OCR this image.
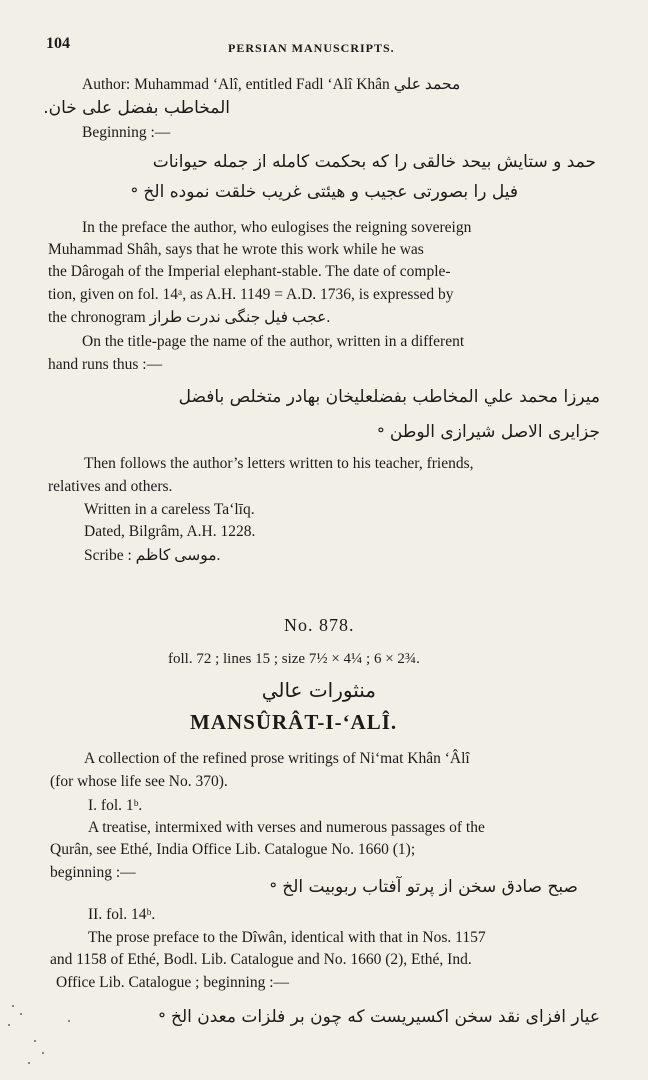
104	PERSIAN MANUSCRIPTS.
Author: Muhammad ‘Alî, entitled Fadl ‘Alî Khân محمد علي
المخاطب بفضل على خان.
Beginning :—
حمد و ستایش بیحد خالقی را که بحکمت کامله از جمله حیوانات
فیل را بصورتی عجیب و هیئتی غریب خلقت نموده الخ ॰
In the preface the author, who eulogises the reigning sovereign
Muhammad Shâh, says that he wrote this work while he was
the Dârogah of the Imperial elephant-stable. The date of comple-
tion, given on fol. 14ᵃ, as A.H. 1149 = A.D. 1736, is expressed by
the chronogram عجب فیل جنگی ندرت طراز.
On the title-page the name of the author, written in a different
hand runs thus :—
میرزا محمد علي المخاطب بفضلعليخان بهادر متخلص بافضل
جزایری الاصل شیرازی الوطن ॰
Then follows the author’s letters written to his teacher, friends,
relatives and others.
Written in a careless Ta‘līq.
Dated, Bilgrâm, A.H. 1228.
Scribe : موسی کاظم.
No. 878.
foll. 72 ; lines 15 ; size 7½ × 4¼ ; 6 × 2¾.
منثورات عالي
MANSÛRÂT-I-‘ALÎ.
A collection of the refined prose writings of Ni‘mat Khân ‘Âlî
(for whose life see No. 370).
I. fol. 1ᵇ.
A treatise, intermixed with verses and numerous passages of the
Qurân, see Ethé, India Office Lib. Catalogue No. 1660 (1);
beginning :—
صبح صادق سخن از پرتو آفتاب ربوبیت الخ ॰
II. fol. 14ᵇ.
The prose preface to the Dîwân, identical with that in Nos. 1157
and 1158 of Ethé, Bodl. Lib. Catalogue and No. 1660 (2), Ethé, Ind.
Office Lib. Catalogue ; beginning :—
عیار افزای نقد سخن اکسیریست که چون بر فلزات معدن الخ ॰
